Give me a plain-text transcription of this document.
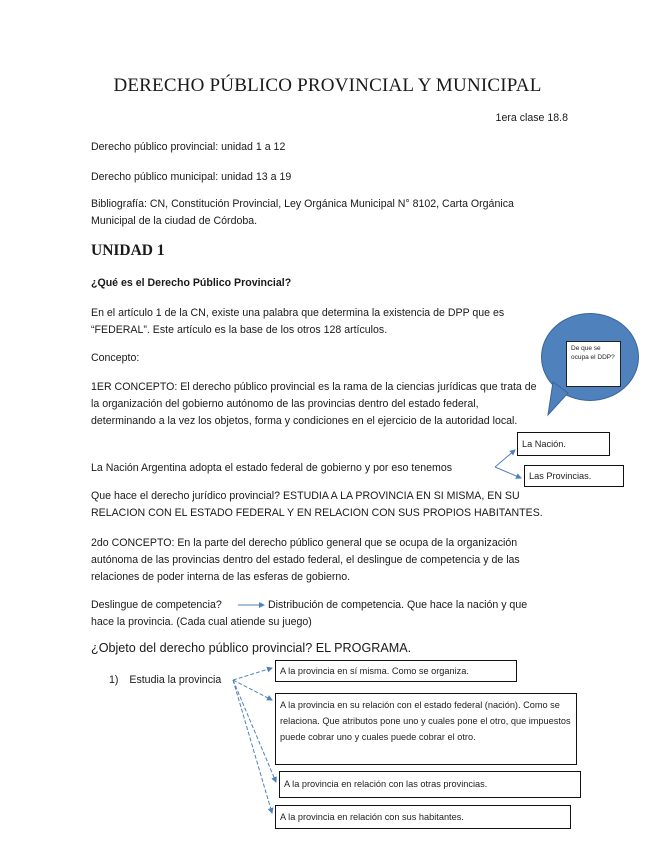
DERECHO PÚBLICO PROVINCIAL Y MUNICIPAL
1era clase 18.8
Derecho público provincial: unidad 1 a 12
Derecho público municipal: unidad 13 a 19
Bibliografía: CN, Constitución Provincial, Ley Orgánica Municipal N° 8102, Carta Orgánica Municipal de la ciudad de Córdoba.
UNIDAD 1
¿Qué es el Derecho Público Provincial?
En el artículo 1 de la CN, existe una palabra que determina la existencia de DPP que es “FEDERAL”. Este artículo es la base de los otros 128 artículos.
Concepto:
1ER CONCEPTO: El derecho público provincial es la rama de la ciencias jurídicas que trata de la organización del gobierno autónomo de las provincias dentro del estado federal, determinando a la vez los objetos, forma y condiciones en el ejercicio de la autoridad local.
De que se ocupa el DDP?
La Nación Argentina adopta el estado federal de gobierno y por eso tenemos
La Nación.
Las Provincias.
Que hace el derecho jurídico provincial? ESTUDIA A LA PROVINCIA EN SI MISMA, EN SU RELACION CON EL ESTADO FEDERAL Y EN RELACION CON SUS PROPIOS HABITANTES.
2do CONCEPTO: En la parte del derecho público general que se ocupa de la organización autónoma de las provincias dentro del estado federal, el deslingue de competencia y de las relaciones de poder interna de las esferas de gobierno.
Deslingue de competencia?	Distribución de competencia. Que hace la nación y que
hace la provincia. (Cada cual atiende su juego)
¿Objeto del derecho público provincial? EL PROGRAMA.
1) Estudia la provincia
A la provincia en sí misma. Como se organiza.
A la provincia en su relación con el estado federal (nación). Como se relaciona. Que atributos pone uno y cuales pone el otro, que impuestos puede cobrar uno y cuales puede cobrar el otro.
A la provincia en relación con las otras provincias.
A la provincia en relación con sus habitantes.
